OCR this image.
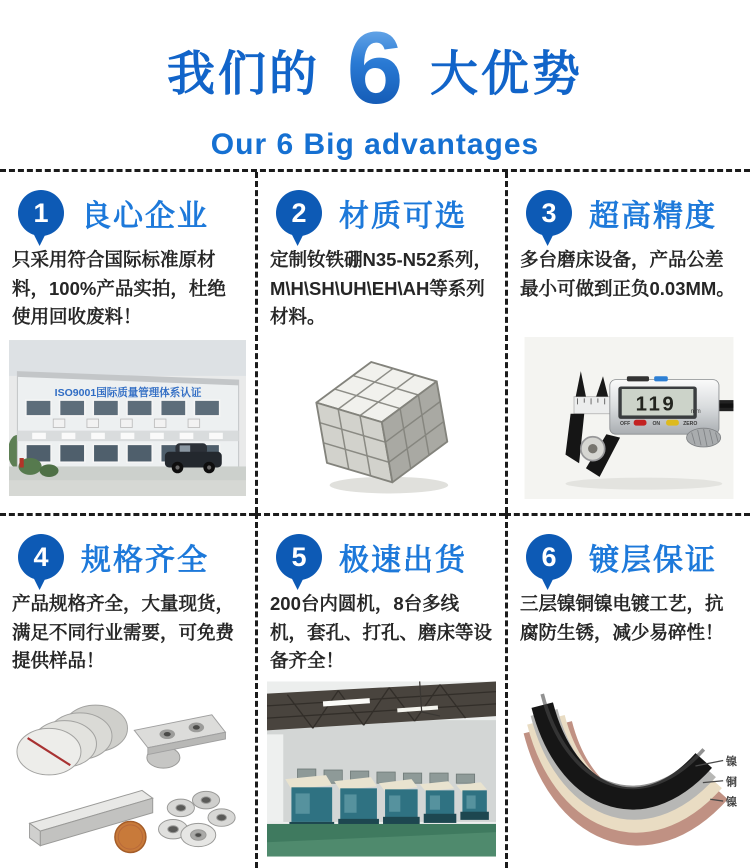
我们的 6 大优势
Our 6 Big advantages
1 良心企业

只采用符合国际标准原材料，100%产品实拍，杜绝使用回收废料！

ISO9001国际质量管理体系认证
2 材质可选

定制钕铁硼N35-N52系列，M\H\SH\UH\EH\AH等系列材料。

3 超高精度

多台磨床设备，产品公差最小可做到正负0.03MM。

119 mm
OFF	ON	ZERO
4 规格齐全

产品规格齐全，大量现货，满足不同行业需要，可免费提供样品！

5 极速出货

200台内圆机，8台多线机，套孔、打孔、磨床等设备齐全！

6 镀层保证

三层镍铜镍电镀工艺，抗腐防生锈，减少易碎性！

镍
铜
镍
